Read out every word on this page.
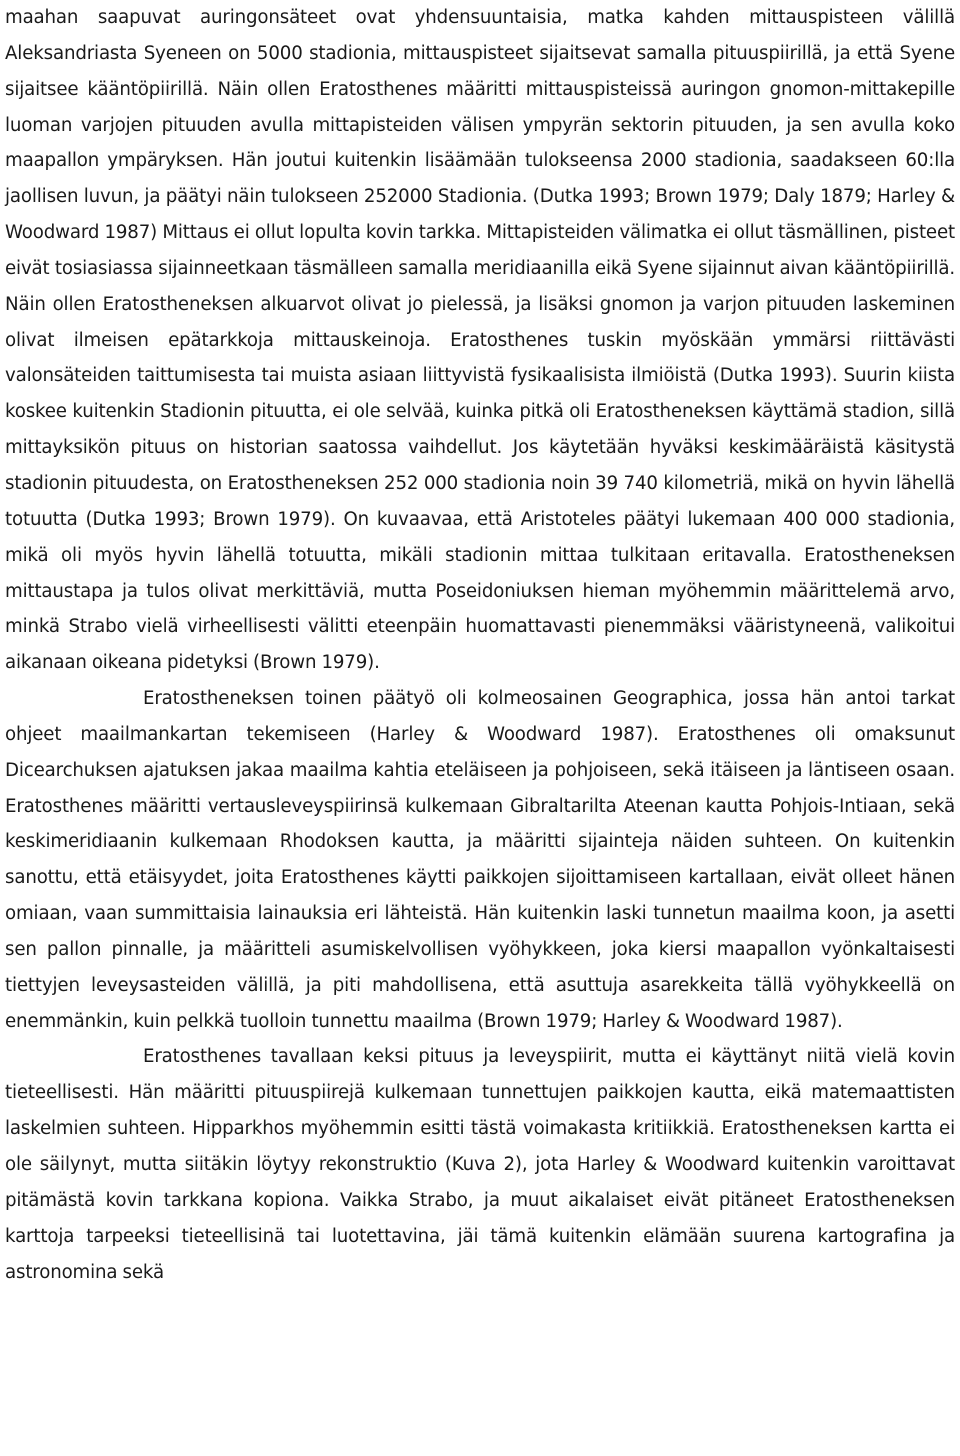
maahan saapuvat auringonsäteet ovat yhdensuuntaisia, matka kahden mittauspisteen välillä Aleksandriasta Syeneen on 5000 stadionia, mittauspisteet sijaitsevat samalla pituuspiirillä, ja että Syene sijaitsee kääntöpiirillä. Näin ollen Eratosthenes määritti mittauspisteissä auringon gnomon-mittakepille luoman varjojen pituuden avulla mittapisteiden välisen ympyrän sektorin pituuden, ja sen avulla koko maapallon ympäryksen. Hän joutui kuitenkin lisäämään tulokseensa 2000 stadionia, saadakseen 60:lla jaollisen luvun, ja päätyi näin tulokseen 252000 Stadionia. (Dutka 1993; Brown 1979; Daly 1879; Harley & Woodward 1987) Mittaus ei ollut lopulta kovin tarkka. Mittapisteiden välimatka ei ollut täsmällinen, pisteet eivät tosiasiassa sijainneetkaan täsmälleen samalla meridiaanilla eikä Syene sijainnut aivan kääntöpiirillä. Näin ollen Eratostheneksen alkuarvot olivat jo pielessä, ja lisäksi gnomon ja varjon pituuden laskeminen olivat ilmeisen epätarkkoja mittauskeinoja. Eratosthenes tuskin myöskään ymmärsi riittävästi valonsäteiden taittumisesta tai muista asiaan liittyvistä fysikaalisista ilmiöistä (Dutka 1993). Suurin kiista koskee kuitenkin Stadionin pituutta, ei ole selvää, kuinka pitkä oli Eratostheneksen käyttämä stadion, sillä mittayksikön pituus on historian saatossa vaihdellut. Jos käytetään hyväksi keskimääräistä käsitystä stadionin pituudesta, on Eratostheneksen 252 000 stadionia noin 39 740 kilometriä, mikä on hyvin lähellä totuutta (Dutka 1993; Brown 1979). On kuvaavaa, että Aristoteles päätyi lukemaan 400 000 stadionia, mikä oli myös hyvin lähellä totuutta, mikäli stadionin mittaa tulkitaan eritavalla. Eratostheneksen mittaustapa ja tulos olivat merkittäviä, mutta Poseidoniuksen hieman myöhemmin määrittelemä arvo, minkä Strabo vielä virheellisesti välitti eteenpäin huomattavasti pienemmäksi vääristyneenä, valikoitui aikanaan oikeana pidetyksi (Brown 1979).

Eratostheneksen toinen päätyö oli kolmeosainen Geographica, jossa hän antoi tarkat ohjeet maailmankartan tekemiseen (Harley & Woodward 1987). Eratosthenes oli omaksunut Dicearchuksen ajatuksen jakaa maailma kahtia eteläiseen ja pohjoiseen, sekä itäiseen ja läntiseen osaan. Eratosthenes määritti vertausleveyspiirinsä kulkemaan Gibraltarilta Ateenan kautta Pohjois-Intiaan, sekä keskimeridiaanin kulkemaan Rhodoksen kautta, ja määritti sijainteja näiden suhteen. On kuitenkin sanottu, että etäisyydet, joita Eratosthenes käytti paikkojen sijoittamiseen kartallaan, eivät olleet hänen omiaan, vaan summittaisia lainauksia eri lähteistä. Hän kuitenkin laski tunnetun maailma koon, ja asetti sen pallon pinnalle, ja määritteli asumiskelvollisen vyöhykkeen, joka kiersi maapallon vyönkaltaisesti tiettyjen leveysasteiden välillä, ja piti mahdollisena, että asuttuja asarekkeita tällä vyöhykkeellä on enemmänkin, kuin pelkkä tuolloin tunnettu maailma (Brown 1979; Harley & Woodward 1987).

Eratosthenes tavallaan keksi pituus ja leveyspiirit, mutta ei käyttänyt niitä vielä kovin tieteellisesti. Hän määritti pituuspiirejä kulkemaan tunnettujen paikkojen kautta, eikä matemaattisten laskelmien suhteen. Hipparkhos myöhemmin esitti tästä voimakasta kritiikkiä. Eratostheneksen kartta ei ole säilynyt, mutta siitäkin löytyy rekonstruktio (Kuva 2), jota Harley & Woodward kuitenkin varoittavat pitämästä kovin tarkkana kopiona. Vaikka Strabo, ja muut aikalaiset eivät pitäneet Eratostheneksen karttoja tarpeeksi tieteellisinä tai luotettavina, jäi tämä kuitenkin elämään suurena kartografina ja astronomina sekä
